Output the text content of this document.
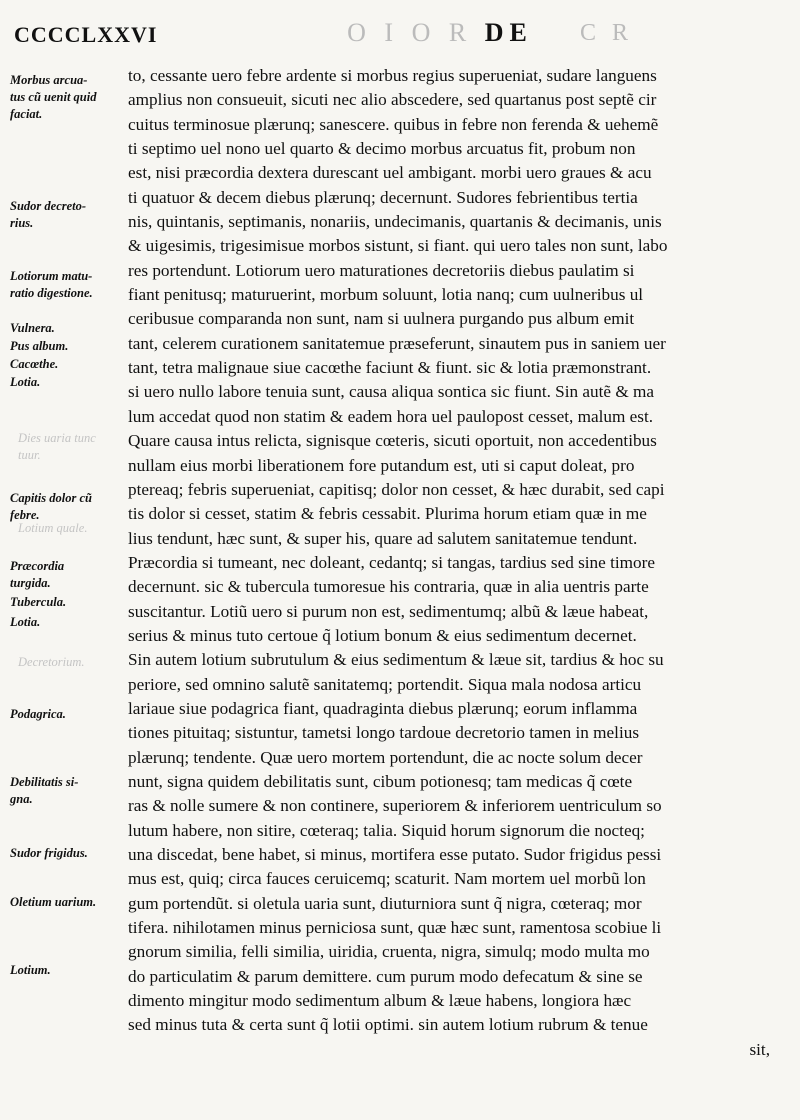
CCCCLXXVI	O I O R DE	C R
Morbus arcua-
tus cũ uenit quid
faciat.
Sudor decreto-
rius.
Lotiorum matu-
ratio digestione.
Vulnera.
Pus album.
Cacœthe.
Lotia.
Dies uaria tunc
tuur.
Capitis dolor cũ
febre.
Lotium quale.
Præcordia
turgida.
Tubercula.
Lotia.
Decretorium.
Podagrica.
Debilitatis si-
gna.
Sudor frigidus.
Oletium uarium.
Lotium.
to, cessante uero febre ardente si morbus regius superueniat, sudare languens
amplius non consueuit, sicuti nec alio abscedere, sed quartanus post septẽ cir
cuitus terminosue plærunq; sanescere. quibus in febre non ferenda & uehemẽ
ti septimo uel nono uel quarto & decimo morbus arcuatus fit, probum non
est, nisi præcordia dextera durescant uel ambigant. morbi uero graues & acu
ti quatuor & decem diebus plærunq; decernunt. Sudores febrientibus tertia
nis, quintanis, septimanis, nonariis, undecimanis, quartanis & decimanis, unis
& uigesimis, trigesimisue morbos sistunt, si fiant. qui uero tales non sunt, labo
res portendunt. Lotiorum uero maturationes decretoriis diebus paulatim si
fiant penitusq; maturuerint, morbum soluunt, lotia nanq; cum uulneribus ul
ceribusue comparanda non sunt, nam si uulnera purgando pus album emit
tant, celerem curationem sanitatemue præseferunt, sinautem pus in saniem uer
tant, tetra malignaue siue cacœthe faciunt & fiunt. sic & lotia præmonstrant.
si uero nullo labore tenuia sunt, causa aliqua sontica sic fiunt. Sin autẽ & ma
lum accedat quod non statim & eadem hora uel paulopost cesset, malum est.
Quare causa intus relicta, signisque cœteris, sicuti oportuit, non accedentibus
nullam eius morbi liberationem fore putandum est, uti si caput doleat, pro
ptereaq; febris superueniat, capitisq; dolor non cesset, & hæc durabit, sed capi
tis dolor si cesset, statim & febris cessabit. Plurima horum etiam quæ in me
lius tendunt, hæc sunt, & super his, quare ad salutem sanitatemue tendunt.
Præcordia si tumeant, nec doleant, cedantq; si tangas, tardius sed sine timore
decernunt. sic & tubercula tumoresue his contraria, quæ in alia uentris parte
suscitantur. Lotiũ uero si purum non est, sedimentumq; albũ & læue habeat,
serius & minus tuto certoue q̃ lotium bonum & eius sedimentum decernet.
Sin autem lotium subrutulum & eius sedimentum & læue sit, tardius & hoc su
periore, sed omnino salutẽ sanitatemq; portendit. Siqua mala nodosa articu
lariaue siue podagrica fiant, quadraginta diebus plærunq; eorum inflamma
tiones pituitaq; sistuntur, tametsi longo tardoue decretorio tamen in melius
plærunq; tendente. Quæ uero mortem portendunt, die ac nocte solum decer
nunt, signa quidem debilitatis sunt, cibum potionesq; tam medicas q̃ cœte
ras & nolle sumere & non continere, superiorem & inferiorem uentriculum so
lutum habere, non sitire, cœteraq; talia. Siquid horum signorum die nocteq;
una discedat, bene habet, si minus, mortifera esse putato. Sudor frigidus pessi
mus est, quiq; circa fauces ceruicemq; scaturit. Nam mortem uel morbũ lon
gum portendũt. si oletula uaria sunt, diuturniora sunt q̃ nigra, cœteraq; mor
tifera. nihilotamen minus perniciosa sunt, quæ hæc sunt, ramentosa scobiue li
gnorum similia, felli similia, uiridia, cruenta, nigra, simulq; modo multa mo
do particulatim & parum demittere. cum purum modo defecatum & sine se
dimento mingitur modo sedimentum album & læue habens, longiora hæc
sed minus tuta & certa sunt q̃ lotii optimi. sin autem lotium rubrum & tenue
sit,
